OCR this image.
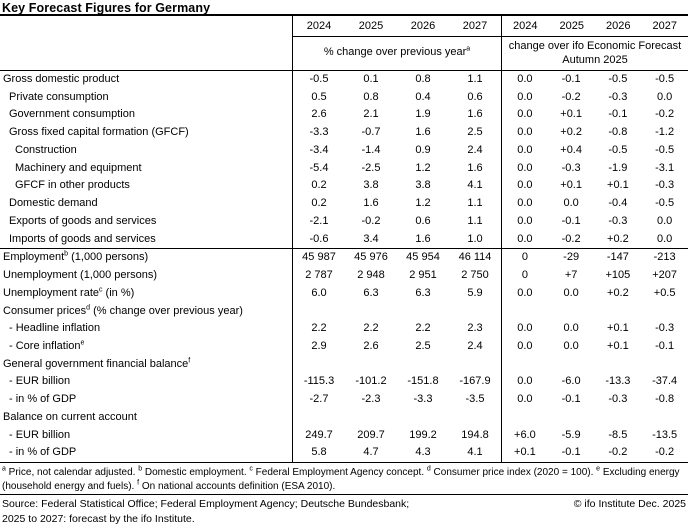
Key Forecast Figures for Germany
2024	2025	2026	2027	2024	2025	2026	2027
% change over previous year$^a$	change over ifo Economic Forecast Autumn 2025
Gross domestic product	-0.5	0.1	0.8	1.1	0.0	-0.1	-0.5	-0.5
Private consumption	0.5	0.8	0.4	0.6	0.0	-0.2	-0.3	0.0
Government consumption	2.6	2.1	1.9	1.6	0.0	+0.1	-0.1	-0.2
Gross fixed capital formation (GFCF)	-3.3	-0.7	1.6	2.5	0.0	+0.2	-0.8	-1.2
Construction	-3.4	-1.4	0.9	2.4	0.0	+0.4	-0.5	-0.5
Machinery and equipment	-5.4	-2.5	1.2	1.6	0.0	-0.3	-1.9	-3.1
GFCF in other products	0.2	3.8	3.8	4.1	0.0	+0.1	+0.1	-0.3
Domestic demand	0.2	1.6	1.2	1.1	0.0	0.0	-0.4	-0.5
Exports of goods and services	-2.1	-0.2	0.6	1.1	0.0	-0.1	-0.3	0.0
Imports of goods and services	-0.6	3.4	1.6	1.0	0.0	-0.2	+0.2	0.0
Employment$^b$ (1,000 persons)	45 987	45 976	45 954	46 114	0	-29	-147	-213
Unemployment (1,000 persons)	2 787	2 948	2 951	2 750	0	+7	+105	+207
Unemployment rate$^c$ (in %)	6.0	6.3	6.3	5.9	0.0	0.0	+0.2	+0.5
Consumer prices$^d$ (% change over previous year)
- Headline inflation	2.2	2.2	2.2	2.3	0.0	0.0	+0.1	-0.3
- Core inflation$^e$	2.9	2.6	2.5	2.4	0.0	0.0	+0.1	-0.1
General government financial balance$^f$
- EUR billion	-115.3	-101.2	-151.8	-167.9	0.0	-6.0	-13.3	-37.4
- in % of GDP	-2.7	-2.3	-3.3	-3.5	0.0	-0.1	-0.3	-0.8
Balance on current account
- EUR billion	249.7	209.7	199.2	194.8	+6.0	-5.9	-8.5	-13.5
- in % of GDP	5.8	4.7	4.3	4.1	+0.1	-0.1	-0.2	-0.2
$^a$ Price, not calendar adjusted. $^b$ Domestic employment. $^c$ Federal Employment Agency concept. $^d$ Consumer price index (2020 = 100). $^e$ Excluding energy (household energy and fuels). $^f$ On national accounts definition (ESA 2010).
Source: Federal Statistical Office; Federal Employment Agency; Deutsche Bundesbank;	© ifo Institute Dec. 2025
2025 to 2027: forecast by the ifo Institute.
